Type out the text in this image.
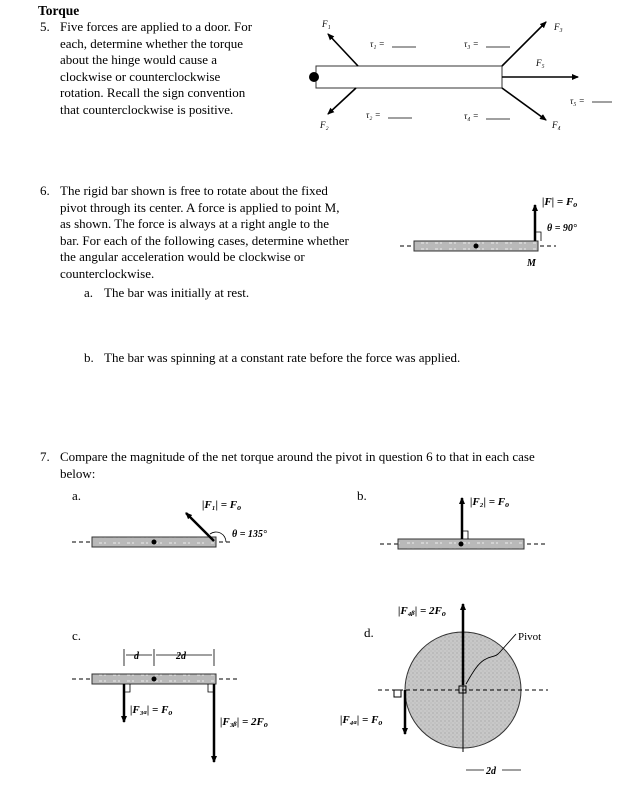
Torque
5. Five forces are applied to a door. For
each, determine whether the torque
about the hinge would cause a
clockwise or counterclockwise
rotation. Recall the sign convention
that counterclockwise is positive.
6. The rigid bar shown is free to rotate about the fixed
pivot through its center. A force is applied to point M,
as shown. The force is always at a right angle to the
bar. For each of the following cases, determine whether
the angular acceleration would be clockwise or
counterclockwise.
a. The bar was initially at rest.
b. The bar was spinning at a constant rate before the force was applied.
7. Compare the magnitude of the net torque around the pivot in question 6 to that in each case
below:
a.	b.
c.	d.
F₁
F₂
F₃
F₄
F₅
τ₁ =	τ₃ =
τ₂ =	τ₄ =
τ₅ =
|F| = Fo
θ = 90°
M
|F₁| = Fo
θ = 135°
|F₂| = Fo
d	2d
|F₃ₐ| = Fo
|F₃ᵦ| = 2Fo
|F₄ᵦ| = 2Fo
Pivot
|F₄ₐ| = Fo
2d
